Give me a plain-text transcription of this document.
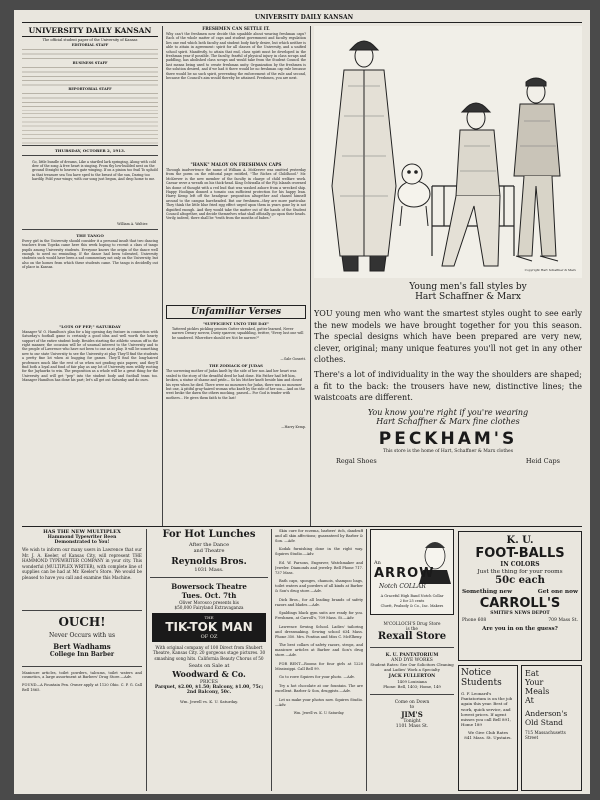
UNIVERSITY DAILY KANSAN
UNIVERSITY DAILY KANSAN
The official student paper of the University of Kansas
EDITORIAL STAFF
BUSINESS STAFF
REPORTORIAL STAFF
THURSDAY, OCTOBER 2, 1913.
Go, little bundle of dreams, Like a startled lark springing, Along with cold dew of the song A free heart is singing. From thy low-builded nest on the ground Straight to heaven's gate winging. If on a pinion too frail To uphold in that treasure sea You have sped to the breast of the sun, Daring too hardily, Fold your wings; with our song just begun, And drop home to me.
William A. Waltier.
THE TANGO
Every girl in the University should consider it a personal insult that two dancing teachers from Topeka came here this week hoping to recruit a class of tango pupils among University students. Everyone knows the origin of the dance well enough to need no reminding. If the dance had been tolerated, University students such would have been a sad commentary not only on the University, but also on the homes from which these students came. The tango is decidedly out of place in Kansas.
"LOTS OF PEP," SATURDAY
Manager W. O. Hamilton's plan for a big opening day feature in connection with Saturday's football game is certainly a good idea and well worth the hearty support of the entire student body. Besides starting the athletic season off in the right manner, the occasion will be of unusual interest to the University and to the people of Lawrence who have not been to one as at play. It will be something new to our state University to see the University at play. They'll find the students a pretty fine lot when at hugging for games. They'll find the long-haired professors much like the rest of us when not grading quiz papers; and they'll find both a loyal and fond of fair play as any lot of University men wildly rooting for the Jayhawks to win. The proposition as a whole will be a great thing for the University and will get "pep" into the student body and football team too. Manager Hamilton has done his part; let's all get out Saturday and do ours.
FRESHMEN CAN SETTLE IT.
Why can't the freshmen now decide this squabble about wearing freshman caps? Each of the whole matter of caps and student government and faculty regulation lies one end which both faculty and student body fairly desire, but which neither is able to attain in agreement: spirit for all classes of the University, and a unified school spirit. Manifestly, to attain that end, class spirit must be developed in the freshman year if possible. The faculty, fearful of physical injury in class scraps and paddling, has abolished class scraps and would take from the Student Council the last means being used to create freshman unity. Organization by the freshmen is the solution desired, and if we had it there would be no freshman cap rule because there would be no such spirit, preventing the enforcement of the rule and second, because the Council's aim would thereby be attained. Freshmen, you are next.
"HANK" MALOY ON FRESHMAN CAPS
Through inadvertence the name of William A. McKeever was omitted yesterday from the poem on the editorial page entitled, "The Riches of Childhood." Mr. McKeever is the new member of the faculty in charge of child welfare work. Caesar wove a wreath on his thick-head. King Ochiwalla of the Fiji Islands crowned his dome of thought with a red bud that was washed ashore from a wrecked ship. Happy Hooligan donned a tomato can sufficient protection for his happy lean. Harry Kemp left off the headgear: proposition altogether and chased himself around to the campus bareheaded. But our freshmen—they are more particular. They think the little blue fried egg effect urged upon them in years gone by is not dignified enough. And they would take the matter out of the hands of the Student Council altogether, and decide themselves what shall officially go upon their heads. Verily, indeed, there shall be "truth from the mouths of babes."
Unfamiliar Verses
"SUFFICIENT UNTO THE DAY"
Tattered pickles pickling peonies Gutter streaked, gutter learned, Never narrow Dreary sorrow, Dusty sparrow, squabbling, twitter, "Every lust one will be sundered. Wherefore should we Not be narrow?"
—Gale Gossett.
THE ZODIACK OF JUDAS
The sorrowing mother of Judas knelt by the side of her son And her heart was sealed to the story of the dreadful deed he had done. His Father had left him, broken, a statue of shame and pride— So his Mother knelt beside him and closed his eyes when he died. There were no mourners for Judas, there was no mourner but one, A pitiful gray-haired woman who knelt by the side of her son— And on the west broke the dawn the others mocking, passed— For God is tender with mothers... He gives them faith to the last!
—Harry Kemp.
Copyright Hart Schaffner & Marx
Young men's fall styles by
Hart Schaffner & Marx
YOU young men who want the smartest styles ought to see early the new models we have brought together for you this season. The special designs which have been prepared are very new, clever, original; many unique features you'll not get in any other clothes.
There's a lot of individuality in the way the shoulders are shaped; a fit to the back: the trousers have new, distinctive lines; the waistcoats are different.
You know you're right if you're wearing
Hart Schaffner & Marx fine clothes
PECKHAM'S
This store is the home of Hart, Schaffner & Marx clothes
Regal Shoes	Heid Caps
HAS THE NEW MULTIPLEX
Hammond Typewriter Been
Demonstrated to You!
We wish to inform our many users in Lawrence that our Mr. J. A. Keeler, of Kansas City, will represent THE HAMMOND TYPEWRITER COMPANY in your city. This wonderful (MULTIPLEX WRITER), with complete line of supplies can be had at Mr. Keeler's Store. We would be pleased to have you call and examine this Machine.
OUCH!
Never Occurs with us
Bert Wadhams
College Inn Barber
Manicure articles, toilet powders, talcums, toilet waters and cosmetics, a large assortment at Barbers' Drug Store.—Adv.
FOUND—A Fountain Pen. Owner apply at 1120 Ohio. C. P. G. Call Bell 1865.
For Hot Lunches
After the Dance
and Theatre
Reynolds Bros.
1031 Mass.
Bowersock Theatre
Tues. Oct. 7th
Oliver Morosco presents his
$50,000 Fairyland Extravaganza
THE
TIK-TOK MAN
OF OZ
With original company of 100 Direct from Shubert Theatre, Kansas City. 20 gorgeous stage pictures. 30 smashing song hits. California Beauty Chorus of 50
Seats on Sale at
Woodward & Co.
PRICES
Parquet, $2.00, $1.50; Balcony, $1.00, 75c; 2nd Balcony, 50c.
Wm. Jewell vs. K. U. Saturday.
Skin cure for eczema, barbers' itch, dandruff and all skin affections; guaranteed by Barber & Son. —Adv.
Kodak furnishing done in the right way. Squires Studio.—Adv.
Ed. W. Parsons, Engraver, Watchmaker and Jeweler. Diamonds and jewelry. Bell Phone 717. 737 Mass.
Bath caps, sponges, chamois, shampoo bags, toilet waters and powders of all kinds at Barber & Son's drug store.—Adv.
Dick Bros., for all leading brands of safety razors and blades.—Adv.
Spaldings black gym suits are ready for you. Freshmen, at Carroll's, 709 Mass. St.—Adv.
Lawrence Sewing School. Ladies' tailoring and dressmaking. Sewing school 634 Mass. Phone 350. Mrs. Pontius and Miss C. McElheny.
The best collars of safety razors, strops, and manicure articles at Barber and Son's drug store.—Adv.
FOR RENT—Rooms for four girls at 1220 Mississippi. Call Bell 99.
Go to rowe Squires for your photo. —Adv.
Try a hot chocolate at our fountain. The are excellent. Barber & Son, druggists.—Adv.
Let us make your photos now. Squires Studio.—Adv.
Wm. Jewell vs. K. U. Saturday.
An
ARROW
Notch COLLAR
A Graceful High Band Notch Collar
2 for 25 cents
Cluett, Peabody & Co., Inc. Makers
M'COLLOCH'S Drug Store
is the
Rexall Store
K. U. PANTATORIUM
AND DYE WORKS
Student Rates: See Our Solicitors Cleaning and Ladies' Work a Specialty
JACK FULLERTON
1409 Louisiana
Phone: Bell, 1403; Home, 149
Come on Down
to
JIM'S
Tonight
1101 Mass St.
K. U.
FOOT-BALLS
IN COLORS
Just the thing for your rooms
50c each
Something new	Get one now
CARROLL'S
SMITH'S NEWS DEPOT
Phone 608	709 Mass St.
Are you in on the guess?
Notice
Students
G. F. Leonard's Pantatorium is on the job again this year. Best of work, quick service, and lowest prices. If agent misses you call Bell 891, Home 189
We Give Club Rates
841 Mass. St. Upstairs.
Eat
Your
Meals
At
Anderson's
Old Stand
715 Massachusetts Street
